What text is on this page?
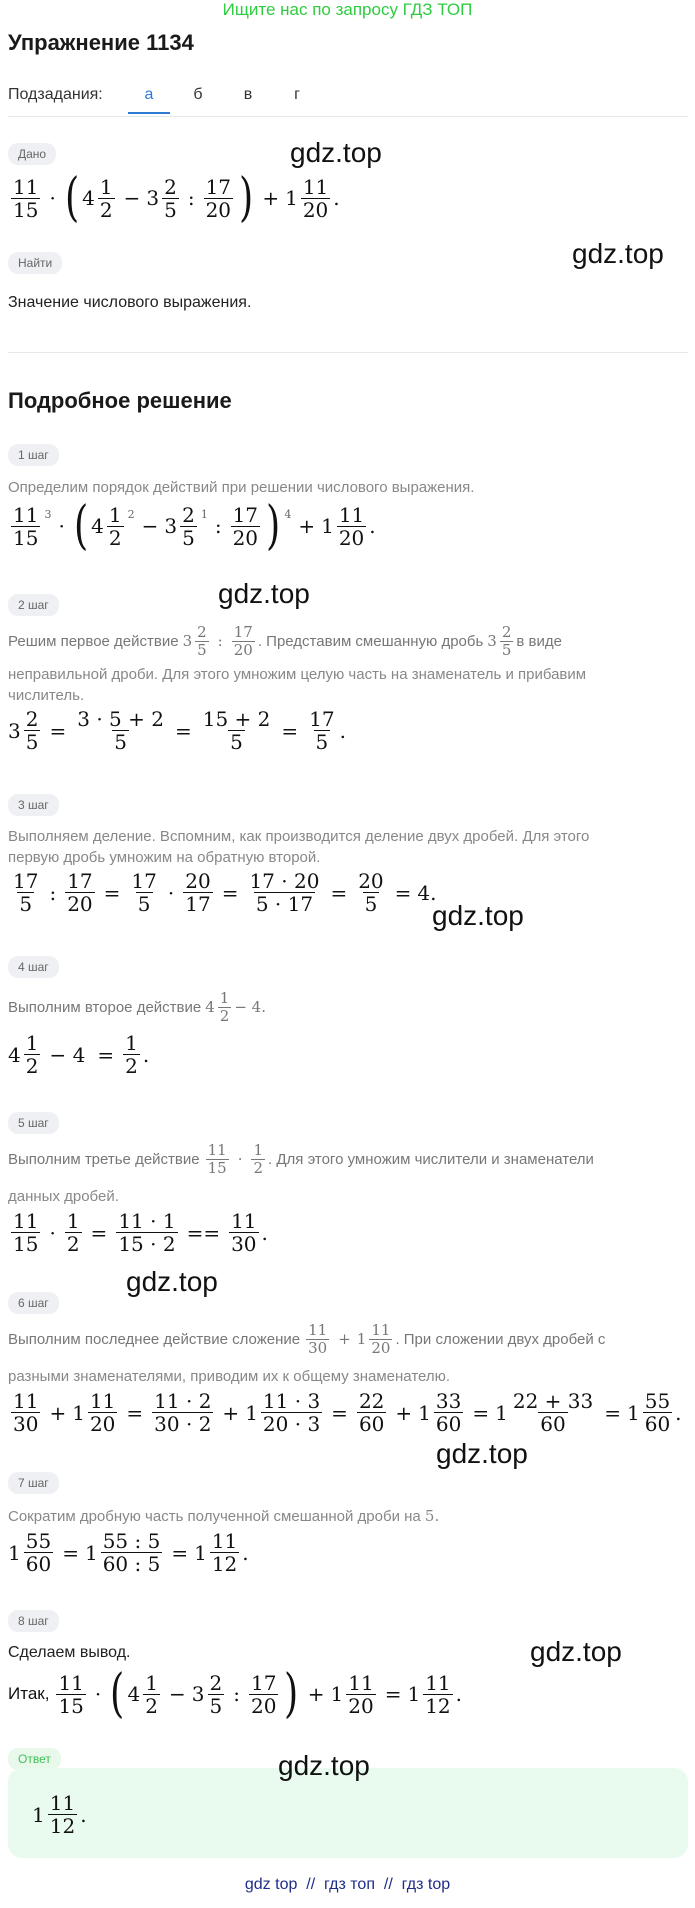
Ищите нас по запросу ГДЗ ТОП
Упражнение 1134
Подзадания:	а	б	в	г
Дано
$\frac{11}{15}$ · ( $4 \frac{1}{2} - 3 \frac{2}{5}$ : $\frac{17}{20}$ ) + $1 \frac{11}{20}$ .
Найти
Значение числового выражения.
Подробное решение
1 шаг
Определим порядок действий при решении числового выражения.
$\frac{11}{15} 3$ · ( $4 \frac{1}{2} 2 - 3 \frac{2}{5} 1$ : $\frac{17}{20}$ ) $4 + 1 \frac{11}{20}$ .
2 шаг
Решим первое действие $3 \frac{2}{5}$ : $\frac{17}{20}$ . Представим смешанную дробь $3 \frac{2}{5}$ в виде
неправильной дроби. Для этого умножим целую часть на знаменатель и прибавим
числитель.
$3 \frac{2}{5} = \frac{3 \cdot 5 + 2}{5} = \frac{15 + 2}{5} = \frac{17}{5}$ .
3 шаг
Выполняем деление. Вспомним, как производится деление двух дробей. Для этого
первую дробь умножим на обратную второй.
$\frac{17}{5}$ : $\frac{17}{20} = \frac{17}{5} \cdot \frac{20}{17} = \frac{17 \cdot 20}{5 \cdot 17} = \frac{20}{5} = 4$.
4 шаг
Выполним второе действие $4 \frac{1}{2} - 4$ .
$4 \frac{1}{2} - 4 = \frac{1}{2}$ .
5 шаг
Выполним третье действие $\frac{11}{15} \cdot \frac{1}{2}$ . Для этого умножим числители и знаменатели
данных дробей.
$\frac{11}{15} \cdot \frac{1}{2} = \frac{11 \cdot 1}{15 \cdot 2} == \frac{11}{30}$ .
6 шаг
Выполним последнее действие сложение $\frac{11}{30} + 1 \frac{11}{20}$ . При сложении двух дробей с
разными знаменателями, приводим их к общему знаменателю.
$\frac{11}{30} + 1 \frac{11}{20} = \frac{11 \cdot 2}{30 \cdot 2} + 1 \frac{11 \cdot 3}{20 \cdot 3} = \frac{22}{60} + 1 \frac{33}{60} = 1 \frac{22 + 33}{60} = 1 \frac{55}{60}$ .
7 шаг
Сократим дробную часть полученной смешанной дроби на 5.
$1 \frac{55}{60} = 1 \frac{55 : 5}{60 : 5} = 1 \frac{11}{12}$ .
8 шаг
Сделаем вывод.
Итак, $\frac{11}{15}$ · ( $4 \frac{1}{2} - 3 \frac{2}{5}$ : $\frac{17}{20}$ ) + $1 \frac{11}{20} = 1 \frac{11}{12}$ .
Ответ
$1 \frac{11}{12}$ .
gdz.top
gdz.top
gdz.top
gdz.top
gdz.top
gdz.top
gdz.top
gdz.top
gdz top  //  гдз топ  //  гдз top
